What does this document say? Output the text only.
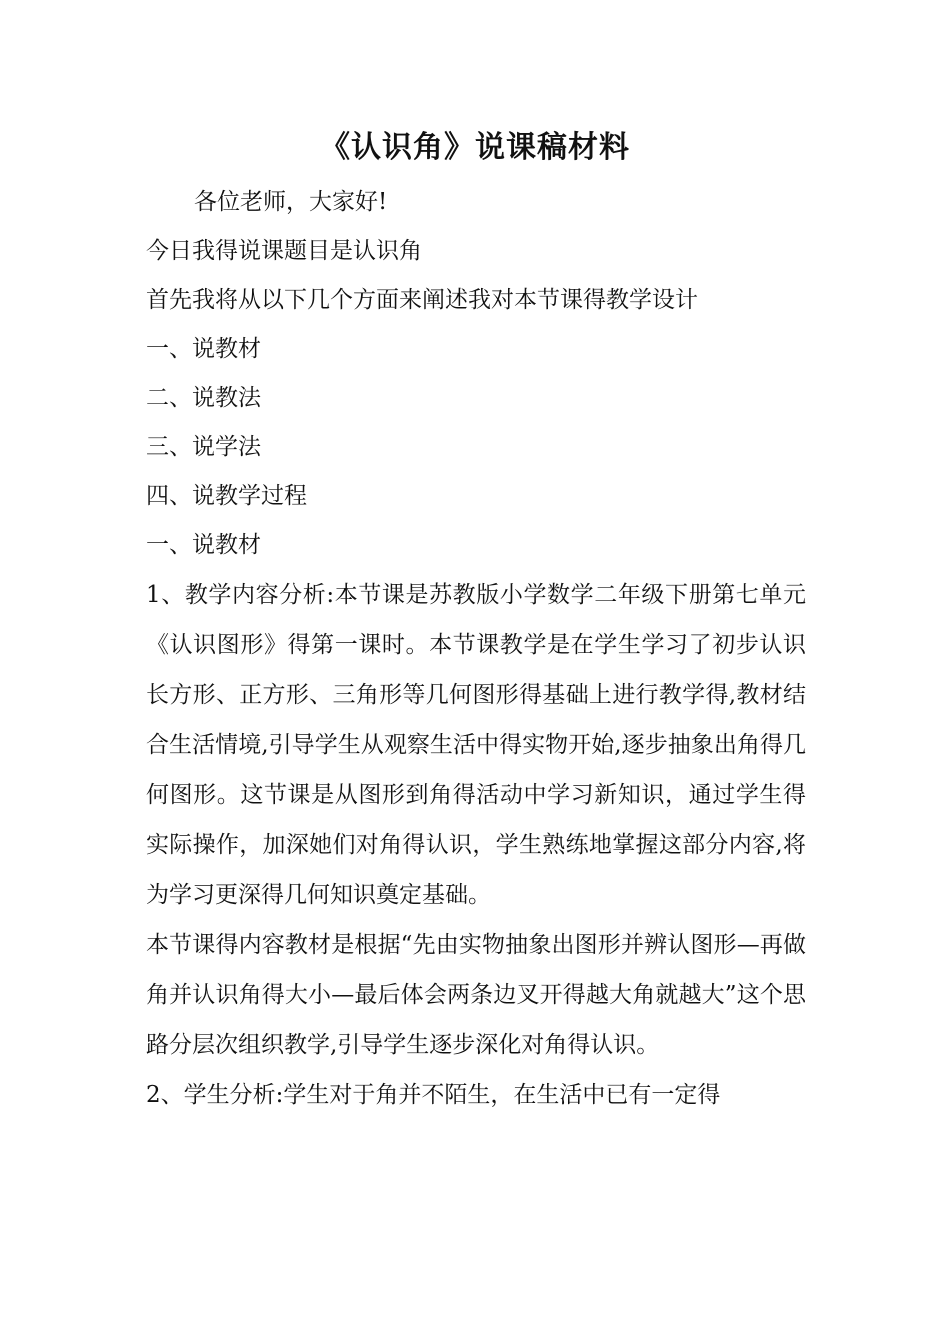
《认识角》说课稿材料
各位老师，大家好!
今日我得说课题目是认识角
首先我将从以下几个方面来阐述我对本节课得教学设计
一、说教材
二、说教法
三、说学法
四、说教学过程
一、说教材
1、教学内容分析:本节课是苏教版小学数学二年级下册第七单元《认识图形》得第一课时。本节课教学是在学生学习了初步认识长方形、正方形、三角形等几何图形得基础上进行教学得,教材结合生活情境,引导学生从观察生活中得实物开始,逐步抽象出角得几何图形。这节课是从图形到角得活动中学习新知识，通过学生得实际操作，加深她们对角得认识，学生熟练地掌握这部分内容,将为学习更深得几何知识奠定基础。
本节课得内容教材是根据“先由实物抽象出图形并辨认图形—再做角并认识角得大小—最后体会两条边叉开得越大角就越大”这个思路分层次组织教学,引导学生逐步深化对角得认识。
2、学生分析:学生对于角并不陌生，在生活中已有一定得
